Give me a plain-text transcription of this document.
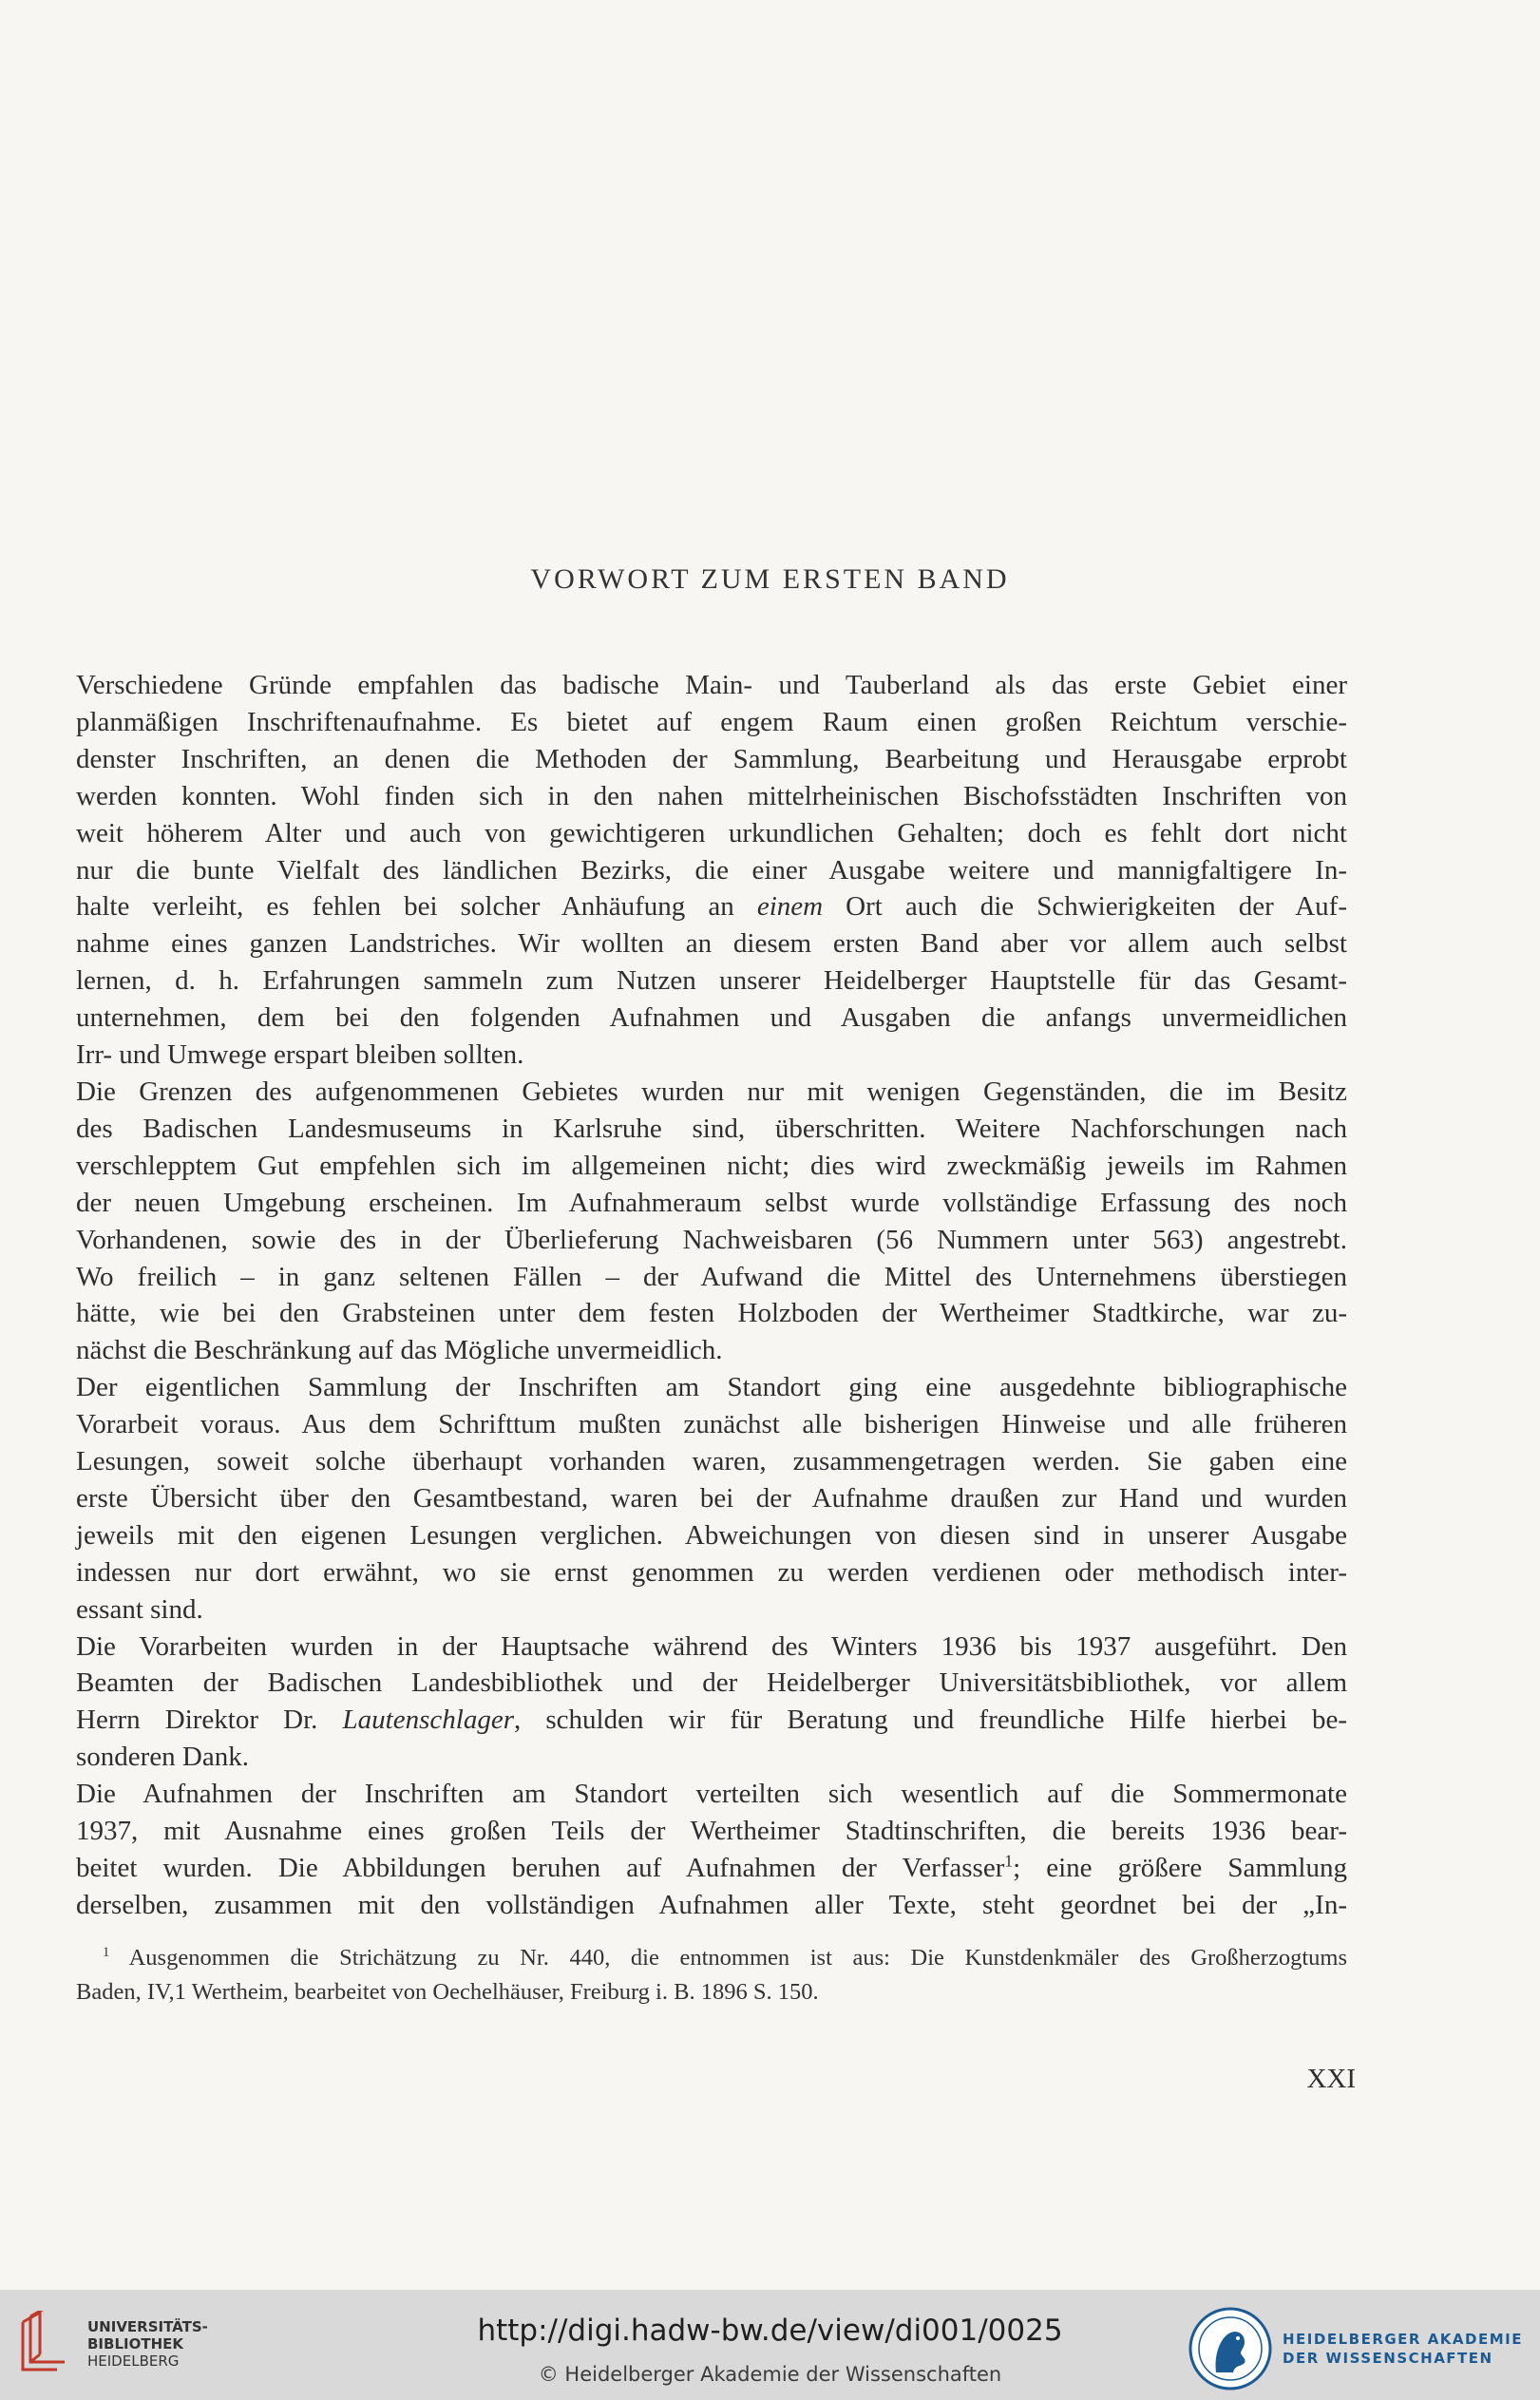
VORWORT ZUM ERSTEN BAND
Verschiedene Gründe empfahlen das badische Main- und Tauberland als das erste Gebiet einer
planmäßigen Inschriftenaufnahme. Es bietet auf engem Raum einen großen Reichtum verschie-
denster Inschriften, an denen die Methoden der Sammlung, Bearbeitung und Herausgabe erprobt
werden konnten. Wohl finden sich in den nahen mittelrheinischen Bischofsstädten Inschriften von
weit höherem Alter und auch von gewichtigeren urkundlichen Gehalten; doch es fehlt dort nicht
nur die bunte Vielfalt des ländlichen Bezirks, die einer Ausgabe weitere und mannigfaltigere In-
halte verleiht, es fehlen bei solcher Anhäufung an einem Ort auch die Schwierigkeiten der Auf-
nahme eines ganzen Landstriches. Wir wollten an diesem ersten Band aber vor allem auch selbst
lernen, d. h. Erfahrungen sammeln zum Nutzen unserer Heidelberger Hauptstelle für das Gesamt-
unternehmen, dem bei den folgenden Aufnahmen und Ausgaben die anfangs unvermeidlichen
Irr- und Umwege erspart bleiben sollten.
Die Grenzen des aufgenommenen Gebietes wurden nur mit wenigen Gegenständen, die im Besitz
des Badischen Landesmuseums in Karlsruhe sind, überschritten. Weitere Nachforschungen nach
verschlepptem Gut empfehlen sich im allgemeinen nicht; dies wird zweckmäßig jeweils im Rahmen
der neuen Umgebung erscheinen. Im Aufnahmeraum selbst wurde vollständige Erfassung des noch
Vorhandenen, sowie des in der Überlieferung Nachweisbaren (56 Nummern unter 563) angestrebt.
Wo freilich – in ganz seltenen Fällen – der Aufwand die Mittel des Unternehmens überstiegen
hätte, wie bei den Grabsteinen unter dem festen Holzboden der Wertheimer Stadtkirche, war zu-
nächst die Beschränkung auf das Mögliche unvermeidlich.
Der eigentlichen Sammlung der Inschriften am Standort ging eine ausgedehnte bibliographische
Vorarbeit voraus. Aus dem Schrifttum mußten zunächst alle bisherigen Hinweise und alle früheren
Lesungen, soweit solche überhaupt vorhanden waren, zusammengetragen werden. Sie gaben eine
erste Übersicht über den Gesamtbestand, waren bei der Aufnahme draußen zur Hand und wurden
jeweils mit den eigenen Lesungen verglichen. Abweichungen von diesen sind in unserer Ausgabe
indessen nur dort erwähnt, wo sie ernst genommen zu werden verdienen oder methodisch inter-
essant sind.
Die Vorarbeiten wurden in der Hauptsache während des Winters 1936 bis 1937 ausgeführt. Den
Beamten der Badischen Landesbibliothek und der Heidelberger Universitätsbibliothek, vor allem
Herrn Direktor Dr. Lautenschlager, schulden wir für Beratung und freundliche Hilfe hierbei be-
sonderen Dank.
Die Aufnahmen der Inschriften am Standort verteilten sich wesentlich auf die Sommermonate
1937, mit Ausnahme eines großen Teils der Wertheimer Stadtinschriften, die bereits 1936 bear-
beitet wurden. Die Abbildungen beruhen auf Aufnahmen der Verfasser$^1$; eine größere Sammlung
derselben, zusammen mit den vollständigen Aufnahmen aller Texte, steht geordnet bei der „In-
$^1$ Ausgenommen die Strichätzung zu Nr. 440, die entnommen ist aus: Die Kunstdenkmäler des Großherzogtums
Baden, IV,1 Wertheim, bearbeitet von Oechelhäuser, Freiburg i. B. 1896 S. 150.
XXI
UNIVERSITÄTS-
BIBLIOTHEK
HEIDELBERG
http://digi.hadw-bw.de/view/di001/0025
© Heidelberger Akademie der Wissenschaften
HEIDELBERGER AKADEMIE
DER WISSENSCHAFTEN
